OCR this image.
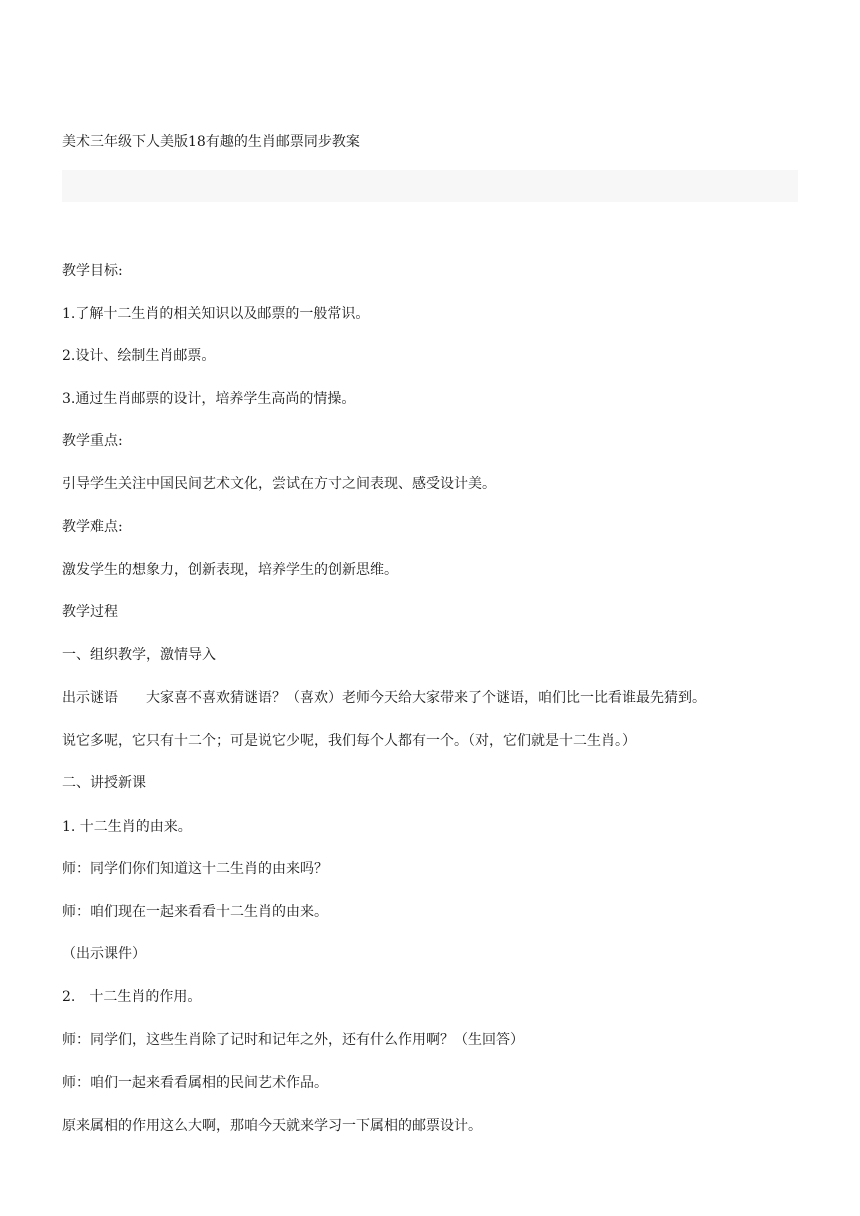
美术三年级下人美版18有趣的生肖邮票同步教案
教学目标:
1.了解十二生肖的相关知识以及邮票的一般常识。
2.设计、绘制生肖邮票。
3.通过生肖邮票的设计，培养学生高尚的情操。
教学重点:
引导学生关注中国民间艺术文化，尝试在方寸之间表现、感受设计美。
教学难点:
激发学生的想象力，创新表现，培养学生的创新思维。
教学过程
一、组织教学，激情导入
出示谜语　　大家喜不喜欢猜谜语？（喜欢）老师今天给大家带来了个谜语，咱们比一比看谁最先猜到。
说它多呢，它只有十二个；可是说它少呢，我们每个人都有一个。（对，它们就是十二生肖。）
二、讲授新课
1. 十二生肖的由来。
师：同学们你们知道这十二生肖的由来吗？
师：咱们现在一起来看看十二生肖的由来。
（出示课件）
2.　十二生肖的作用。
师：同学们，这些生肖除了记时和记年之外，还有什么作用啊？（生回答）
师：咱们一起来看看属相的民间艺术作品。
原来属相的作用这么大啊，那咱今天就来学习一下属相的邮票设计。
